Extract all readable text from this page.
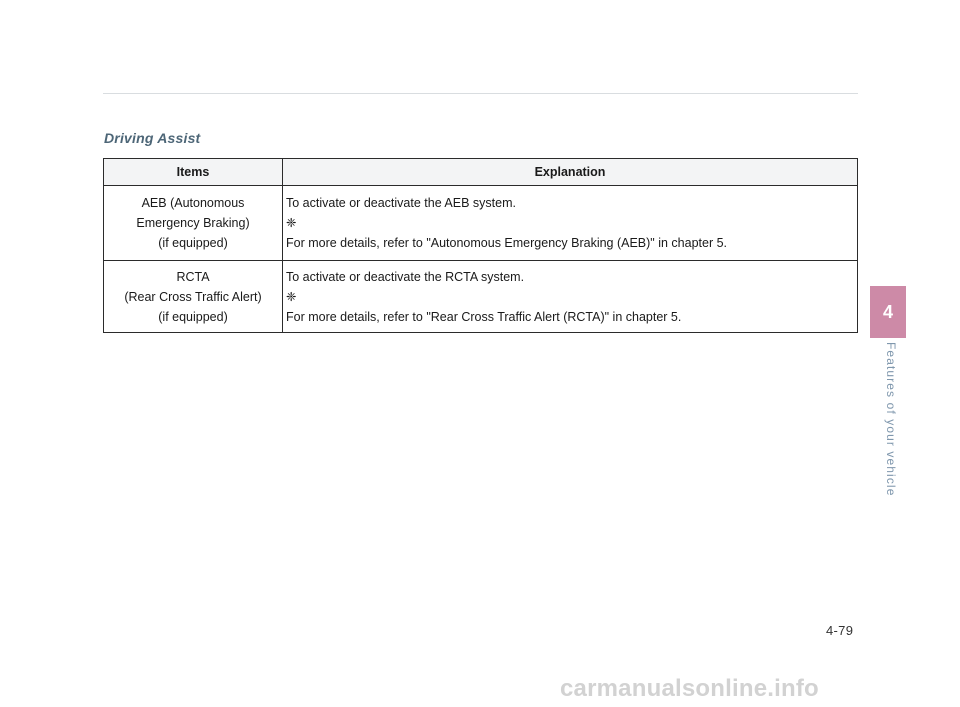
Driving Assist
Items	Explanation

AEB (Autonomous
Emergency Braking)
(if equipped)	To activate or deactivate the AEB system.
❈
For more details, refer to "Autonomous Emergency Braking (AEB)" in chapter 5.

RCTA
(Rear Cross Traffic Alert)
(if equipped)	To activate or deactivate the RCTA system.
❈
For more details, refer to "Rear Cross Traffic Alert (RCTA)" in chapter 5.	4
Features of your vehicle
4-79
carmanualsonline.info
